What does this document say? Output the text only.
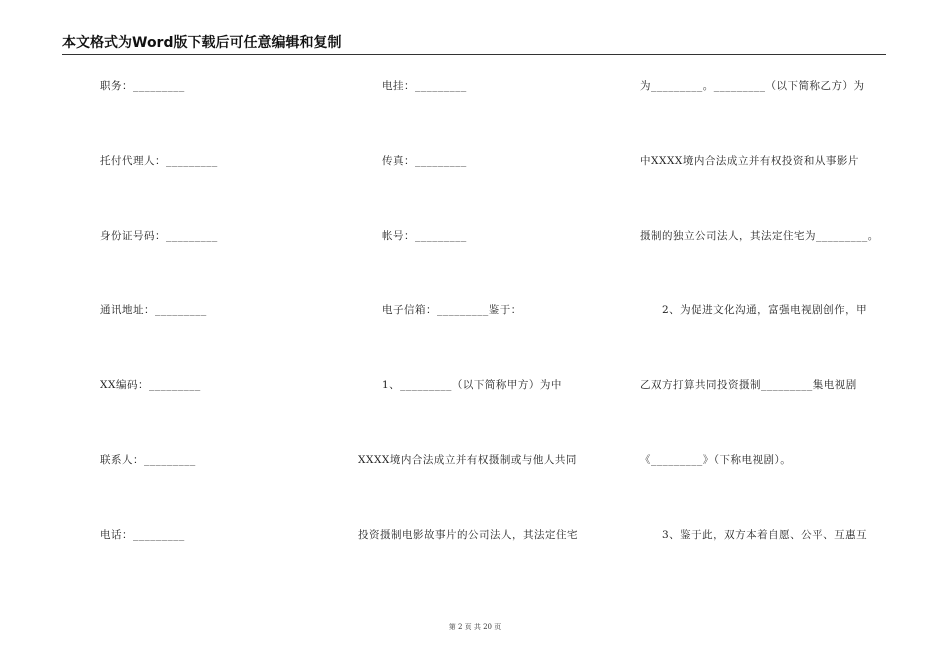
本文格式为Word版下载后可任意编辑和复制
职务：_________
托付代理人：_________
身份证号码：_________
通讯地址：_________
XX编码：_________
联系人：_________
电话：_________
电挂：_________
传真：_________
帐号：_________
电子信箱：_________鉴于：
1、_________（以下简称甲方）为中
XXXX境内合法成立并有权摄制或与他人共同
投资摄制电影故事片的公司法人，其法定住宅
为_________。_________（以下简称乙方）为
中XXXX境内合法成立并有权投资和从事影片
摄制的独立公司法人，其法定住宅为_________。
　　2、为促进文化沟通，富强电视剧创作，甲
乙双方打算共同投资摄制_________集电视剧
《_________》（下称电视剧）。
　　3、鉴于此，双方本着自愿、公平、互惠互
第 2 页 共 20 页
